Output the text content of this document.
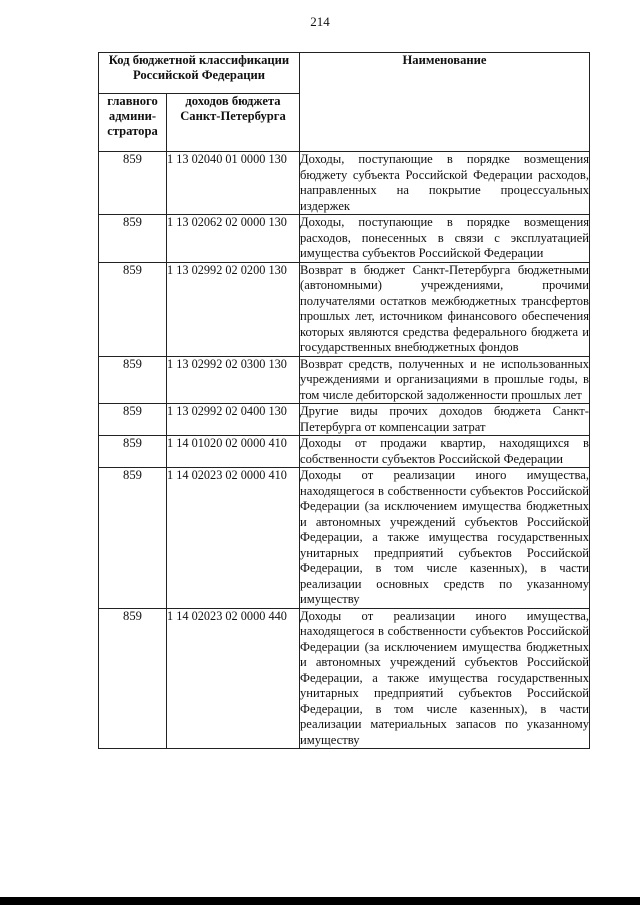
214
Код бюджетной классификации Российской Федерации		Наименование
главного админи-стратора	доходов бюджета Санкт-Петербурга	
859	1 13 02040 01 0000 130	Доходы, поступающие в порядке возмещения бюджету субъекта Российской Федерации расходов, направленных на покрытие процессуальных издержек
859	1 13 02062 02 0000 130	Доходы, поступающие в порядке возмещения расходов, понесенных в связи с эксплуатацией имущества субъектов Российской Федерации
859	1 13 02992 02 0200 130	Возврат в бюджет Санкт-Петербурга бюджетными (автономными) учреждениями, прочими получателями остатков межбюджетных трансфертов прошлых лет, источником финансового обеспечения которых являются средства федерального бюджета и государственных внебюджетных фондов
859	1 13 02992 02 0300 130	Возврат средств, полученных и не использованных учреждениями и организациями в прошлые годы, в том числе дебиторской задолженности прошлых лет
859	1 13 02992 02 0400 130	Другие виды прочих доходов бюджета Санкт-Петербурга от компенсации затрат
859	1 14 01020 02 0000 410	Доходы от продажи квартир, находящихся в собственности субъектов Российской Федерации
859	1 14 02023 02 0000 410	Доходы от реализации иного имущества, находящегося в собственности субъектов Российской Федерации (за исключением имущества бюджетных и автономных учреждений субъектов Российской Федерации, а также имущества государственных унитарных предприятий субъектов Российской Федерации, в том числе казенных), в части реализации основных средств по указанному имуществу
859	1 14 02023 02 0000 440	Доходы от реализации иного имущества, находящегося в собственности субъектов Российской Федерации (за исключением имущества бюджетных и автономных учреждений субъектов Российской Федерации, а также имущества государственных унитарных предприятий субъектов Российской Федерации, в том числе казенных), в части реализации материальных запасов по указанному имуществу
